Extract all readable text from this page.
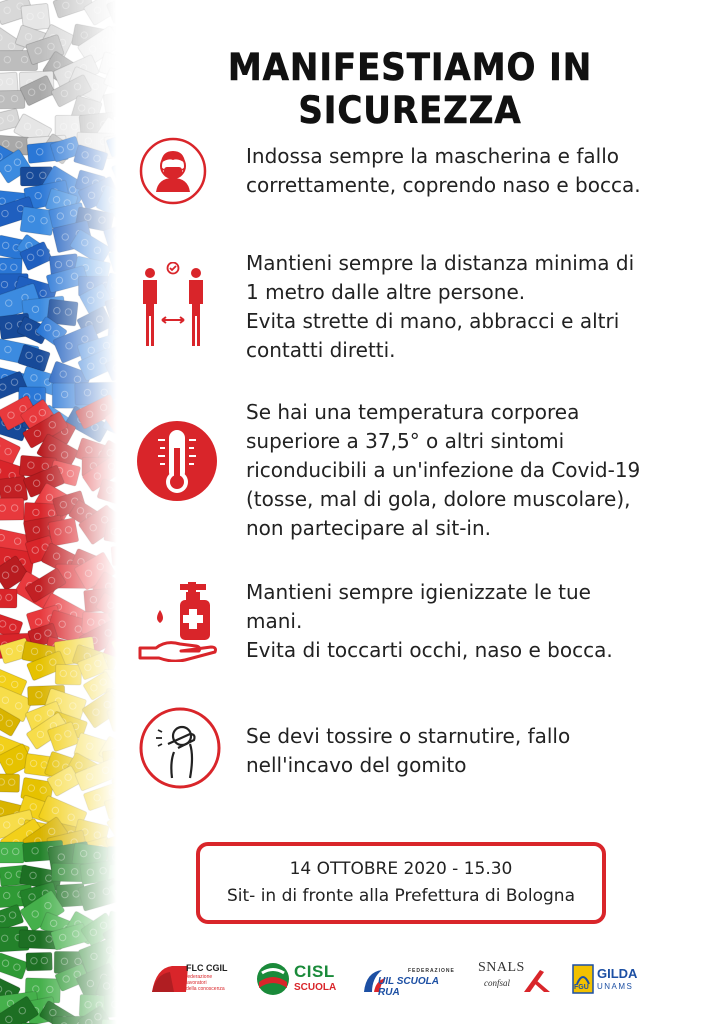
MANIFESTIAMO IN SICUREZZA
Indossa sempre la mascherina e fallo
correttamente, coprendo naso e bocca.
Mantieni sempre la distanza minima di
1 metro dalle altre persone.
Evita strette di mano, abbracci e altri
contatti diretti.
Se hai una temperatura corporea
superiore a 37,5° o altri sintomi
riconducibili a un'infezione da Covid-19
(tosse, mal di gola, dolore muscolare),
non partecipare al sit-in.
Mantieni sempre igienizzate le tue
mani.
Evita di toccarti occhi, naso e bocca.
Se devi tossire o starnutire, fallo
nell'incavo del gomito
14 OTTOBRE 2020 - 15.30
Sit- in di fronte alla Prefettura di Bologna
FLC CGIL
federazione
lavoratori
della conoscenza
CISL
SCUOLA
FEDERAZIONE
UIL SCUOLA RUA
SNALS
confsal	FGU
GILDA
UNAMS
